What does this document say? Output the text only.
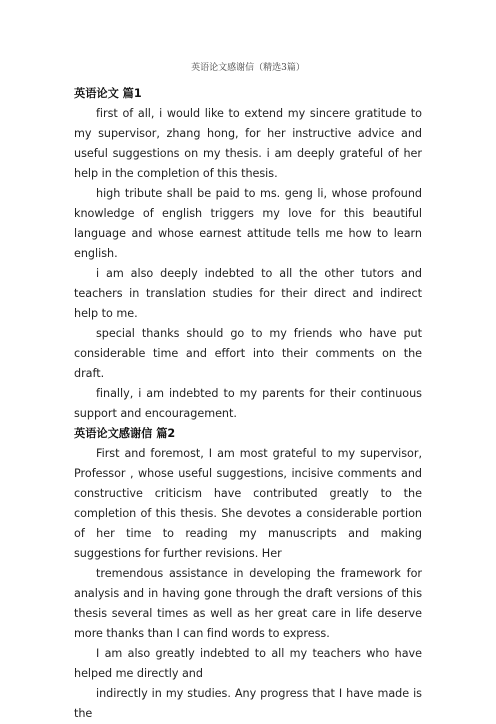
英语论文感谢信（精选3篇）

英语论文 篇1

first of all, i would like to extend my sincere gratitude to my supervisor, zhang hong, for her instructive advice and useful suggestions on my thesis. i am deeply grateful of her help in the completion of this thesis.

high tribute shall be paid to ms. geng li, whose profound knowledge of english triggers my love for this beautiful language and whose earnest attitude tells me how to learn english.

i am also deeply indebted to all the other tutors and teachers in translation studies for their direct and indirect help to me.

special thanks should go to my friends who have put considerable time and effort into their comments on the draft.

finally, i am indebted to my parents for their continuous support and encouragement.

英语论文感谢信 篇2

First and foremost, I am most grateful to my supervisor, Professor , whose useful suggestions, incisive comments and constructive criticism have contributed greatly to the completion of this thesis. She devotes a considerable portion of her time to reading my manuscripts and making suggestions for further revisions. Her

tremendous assistance in developing the framework for analysis and in having gone through the draft versions of this thesis several times as well as her great care in life deserve more thanks than I can find words to express.

I am also greatly indebted to all my teachers who have helped me directly and

indirectly in my studies. Any progress that I have made is the
